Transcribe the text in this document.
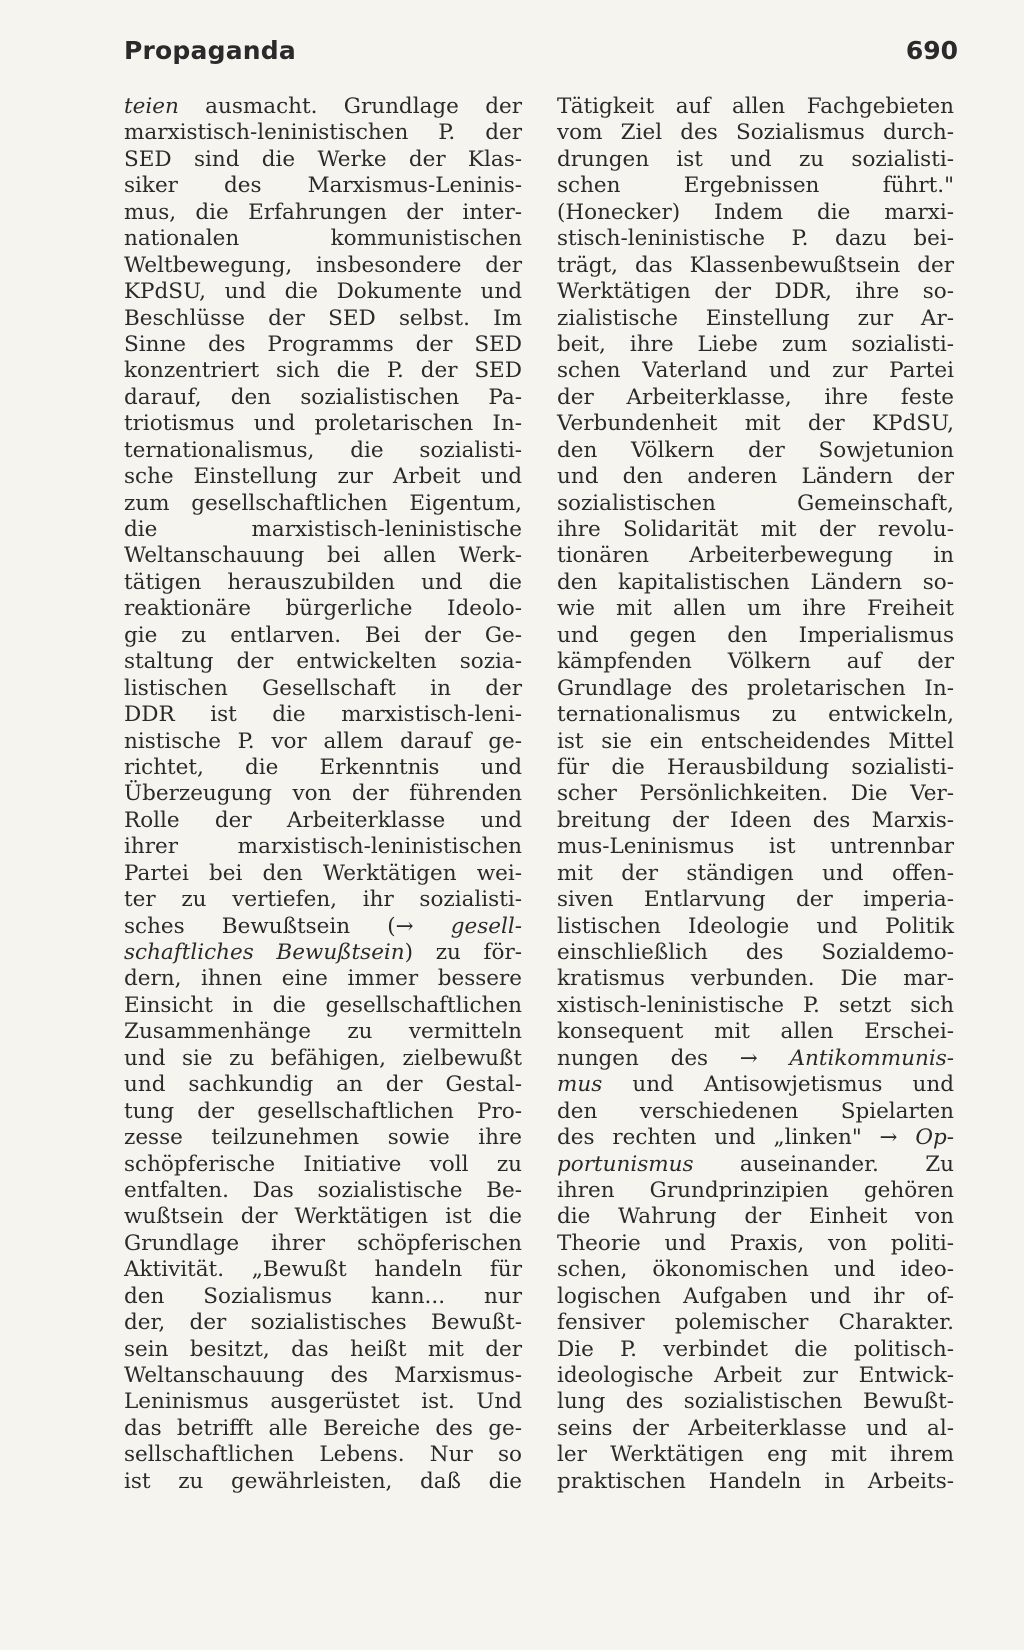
Propaganda	690
teien ausmacht. Grundlage der
marxistisch-leninistischen P. der
SED sind die Werke der Klas-
siker des Marxismus-Leninis-
mus, die Erfahrungen der inter-
nationalen kommunistischen
Weltbewegung, insbesondere der
KPdSU, und die Dokumente und
Beschlüsse der SED selbst. Im
Sinne des Programms der SED
konzentriert sich die P. der SED
darauf, den sozialistischen Pa-
triotismus und proletarischen In-
ternationalismus, die sozialisti-
sche Einstellung zur Arbeit und
zum gesellschaftlichen Eigentum,
die marxistisch-leninistische
Weltanschauung bei allen Werk-
tätigen herauszubilden und die
reaktionäre bürgerliche Ideolo-
gie zu entlarven. Bei der Ge-
staltung der entwickelten sozia-
listischen Gesellschaft in der
DDR ist die marxistisch-leni-
nistische P. vor allem darauf ge-
richtet, die Erkenntnis und
Überzeugung von der führenden
Rolle der Arbeiterklasse und
ihrer marxistisch-leninistischen
Partei bei den Werktätigen wei-
ter zu vertiefen, ihr sozialisti-
sches Bewußtsein (→ gesell-
schaftliches Bewußtsein) zu för-
dern, ihnen eine immer bessere
Einsicht in die gesellschaftlichen
Zusammenhänge zu vermitteln
und sie zu befähigen, zielbewußt
und sachkundig an der Gestal-
tung der gesellschaftlichen Pro-
zesse teilzunehmen sowie ihre
schöpferische Initiative voll zu
entfalten. Das sozialistische Be-
wußtsein der Werktätigen ist die
Grundlage ihrer schöpferischen
Aktivität. „Bewußt handeln für
den Sozialismus kann... nur
der, der sozialistisches Bewußt-
sein besitzt, das heißt mit der
Weltanschauung des Marxismus-
Leninismus ausgerüstet ist. Und
das betrifft alle Bereiche des ge-
sellschaftlichen Lebens. Nur so
ist zu gewährleisten, daß die
Tätigkeit auf allen Fachgebieten
vom Ziel des Sozialismus durch-
drungen ist und zu sozialisti-
schen Ergebnissen führt."
(Honecker) Indem die marxi-
stisch-leninistische P. dazu bei-
trägt, das Klassenbewußtsein der
Werktätigen der DDR, ihre so-
zialistische Einstellung zur Ar-
beit, ihre Liebe zum sozialisti-
schen Vaterland und zur Partei
der Arbeiterklasse, ihre feste
Verbundenheit mit der KPdSU,
den Völkern der Sowjetunion
und den anderen Ländern der
sozialistischen Gemeinschaft,
ihre Solidarität mit der revolu-
tionären Arbeiterbewegung in
den kapitalistischen Ländern so-
wie mit allen um ihre Freiheit
und gegen den Imperialismus
kämpfenden Völkern auf der
Grundlage des proletarischen In-
ternationalismus zu entwickeln,
ist sie ein entscheidendes Mittel
für die Herausbildung sozialisti-
scher Persönlichkeiten. Die Ver-
breitung der Ideen des Marxis-
mus-Leninismus ist untrennbar
mit der ständigen und offen-
siven Entlarvung der imperia-
listischen Ideologie und Politik
einschließlich des Sozialdemo-
kratismus verbunden. Die mar-
xistisch-leninistische P. setzt sich
konsequent mit allen Erschei-
nungen des → Antikommunis-
mus und Antisowjetismus und
den verschiedenen Spielarten
des rechten und „linken" → Op-
portunismus auseinander. Zu
ihren Grundprinzipien gehören
die Wahrung der Einheit von
Theorie und Praxis, von politi-
schen, ökonomischen und ideo-
logischen Aufgaben und ihr of-
fensiver polemischer Charakter.
Die P. verbindet die politisch-
ideologische Arbeit zur Entwick-
lung des sozialistischen Bewußt-
seins der Arbeiterklasse und al-
ler Werktätigen eng mit ihrem
praktischen Handeln in Arbeits-
